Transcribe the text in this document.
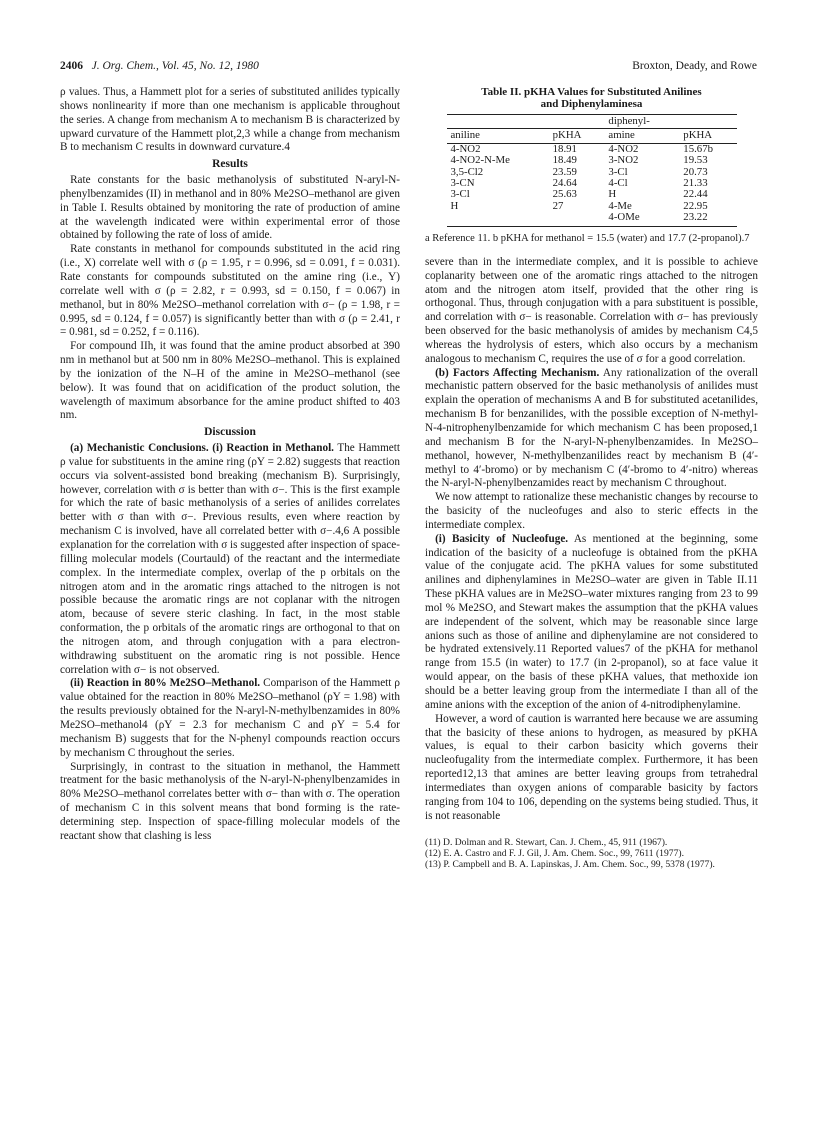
2406 J. Org. Chem., Vol. 45, No. 12, 1980	Broxton, Deady, and Rowe

ρ values. Thus, a Hammett plot for a series of substituted anilides typically shows nonlinearity if more than one mechanism is applicable throughout the series. A change from mechanism A to mechanism B is characterized by upward curvature of the Hammett plot,2,3 while a change from mechanism B to mechanism C results in downward curvature.4

Results

Rate constants for the basic methanolysis of substituted N-aryl-N-phenylbenzamides (II) in methanol and in 80% Me2SO–methanol are given in Table I. Results obtained by monitoring the rate of production of amine at the wavelength indicated were within experimental error of those obtained by following the rate of loss of amide.

Rate constants in methanol for compounds substituted in the acid ring (i.e., X) correlate well with σ (ρ = 1.95, r = 0.996, sd = 0.091, f = 0.031). Rate constants for compounds substituted on the amine ring (i.e., Y) correlate well with σ (ρ = 2.82, r = 0.993, sd = 0.150, f = 0.067) in methanol, but in 80% Me2SO–methanol correlation with σ− (ρ = 1.98, r = 0.995, sd = 0.124, f = 0.057) is significantly better than with σ (ρ = 2.41, r = 0.981, sd = 0.252, f = 0.116).

For compound IIh, it was found that the amine product absorbed at 390 nm in methanol but at 500 nm in 80% Me2SO–methanol. This is explained by the ionization of the N–H of the amine in Me2SO–methanol (see below). It was found that on acidification of the product solution, the wavelength of maximum absorbance for the amine product shifted to 403 nm.

Discussion

(a) Mechanistic Conclusions. (i) Reaction in Methanol. The Hammett ρ value for substituents in the amine ring (ρY = 2.82) suggests that reaction occurs via solvent-assisted bond breaking (mechanism B). Surprisingly, however, correlation with σ is better than with σ−. This is the first example for which the rate of basic methanolysis of a series of anilides correlates better with σ than with σ−. Previous results, even where reaction by mechanism C is involved, have all correlated better with σ−.4,6 A possible explanation for the correlation with σ is suggested after inspection of space-filling molecular models (Courtauld) of the reactant and the intermediate complex. In the intermediate complex, overlap of the p orbitals on the nitrogen atom and in the aromatic rings attached to the nitrogen is not possible because the aromatic rings are not coplanar with the nitrogen atom, because of severe steric clashing. In fact, in the most stable conformation, the p orbitals of the aromatic rings are orthogonal to that on the nitrogen atom, and through conjugation with a para electron-withdrawing substituent on the aromatic ring is not possible. Hence correlation with σ− is not observed.

(ii) Reaction in 80% Me2SO–Methanol. Comparison of the Hammett ρ value obtained for the reaction in 80% Me2SO–methanol (ρY = 1.98) with the results previously obtained for the N-aryl-N-methylbenzamides in 80% Me2SO–methanol4 (ρY = 2.3 for mechanism C and ρY = 5.4 for mechanism B) suggests that for the N-phenyl compounds reaction occurs by mechanism C throughout the series.

Surprisingly, in contrast to the situation in methanol, the Hammett treatment for the basic methanolysis of the N-aryl-N-phenylbenzamides in 80% Me2SO–methanol correlates better with σ− than with σ. The operation of mechanism C in this solvent means that bond forming is the rate-determining step. Inspection of space-filling molecular models of the reactant show that clashing is less

Table II. pKHA Values for Substituted Anilines
and Diphenylaminesa
		diphenyl-	
aniline	pKHA	amine	pKHA
4-NO2	18.91	4-NO2	15.67b
4-NO2-N-Me	18.49	3-NO2	19.53
3,5-Cl2	23.59	3-Cl	20.73
3-CN	24.64	4-Cl	21.33
3-Cl	25.63	H	22.44
H	27	4-Me	22.95
		4-OMe	23.22
a Reference 11. b pKHA for methanol = 15.5 (water) and 17.7 (2-propanol).7

severe than in the intermediate complex, and it is possible to achieve coplanarity between one of the aromatic rings attached to the nitrogen atom and the nitrogen atom itself, provided that the other ring is orthogonal. Thus, through conjugation with a para substituent is possible, and correlation with σ− is reasonable. Correlation with σ− has previously been observed for the basic methanolysis of amides by mechanism C4,5 whereas the hydrolysis of esters, which also occurs by a mechanism analogous to mechanism C, requires the use of σ for a good correlation.

(b) Factors Affecting Mechanism. Any rationalization of the overall mechanistic pattern observed for the basic methanolysis of anilides must explain the operation of mechanisms A and B for substituted acetanilides, mechanism B for benzanilides, with the possible exception of N-methyl-N-4-nitrophenylbenzamide for which mechanism C has been proposed,1 and mechanism B for the N-aryl-N-phenylbenzamides. In Me2SO–methanol, however, N-methylbenzanilides react by mechanism B (4′-methyl to 4′-bromo) or by mechanism C (4′-bromo to 4′-nitro) whereas the N-aryl-N-phenylbenzamides react by mechanism C throughout.

We now attempt to rationalize these mechanistic changes by recourse to the basicity of the nucleofuges and also to steric effects in the intermediate complex.

(i) Basicity of Nucleofuge. As mentioned at the beginning, some indication of the basicity of a nucleofuge is obtained from the pKHA value of the conjugate acid. The pKHA values for some substituted anilines and diphenylamines in Me2SO–water are given in Table II.11 These pKHA values are in Me2SO–water mixtures ranging from 23 to 99 mol % Me2SO, and Stewart makes the assumption that the pKHA values are independent of the solvent, which may be reasonable since large anions such as those of aniline and diphenylamine are not considered to be hydrated extensively.11 Reported values7 of the pKHA for methanol range from 15.5 (in water) to 17.7 (in 2-propanol), so at face value it would appear, on the basis of these pKHA values, that methoxide ion should be a better leaving group from the intermediate I than all of the amine anions with the exception of the anion of 4-nitrodiphenylamine.

However, a word of caution is warranted here because we are assuming that the basicity of these anions to hydrogen, as measured by pKHA values, is equal to their carbon basicity which governs their nucleofugality from the intermediate complex. Furthermore, it has been reported12,13 that amines are better leaving groups from tetrahedral intermediates than oxygen anions of comparable basicity by factors ranging from 104 to 106, depending on the systems being studied. Thus, it is not reasonable

(11) D. Dolman and R. Stewart, Can. J. Chem., 45, 911 (1967).
(12) E. A. Castro and F. J. Gil, J. Am. Chem. Soc., 99, 7611 (1977).
(13) P. Campbell and B. A. Lapinskas, J. Am. Chem. Soc., 99, 5378 (1977).
